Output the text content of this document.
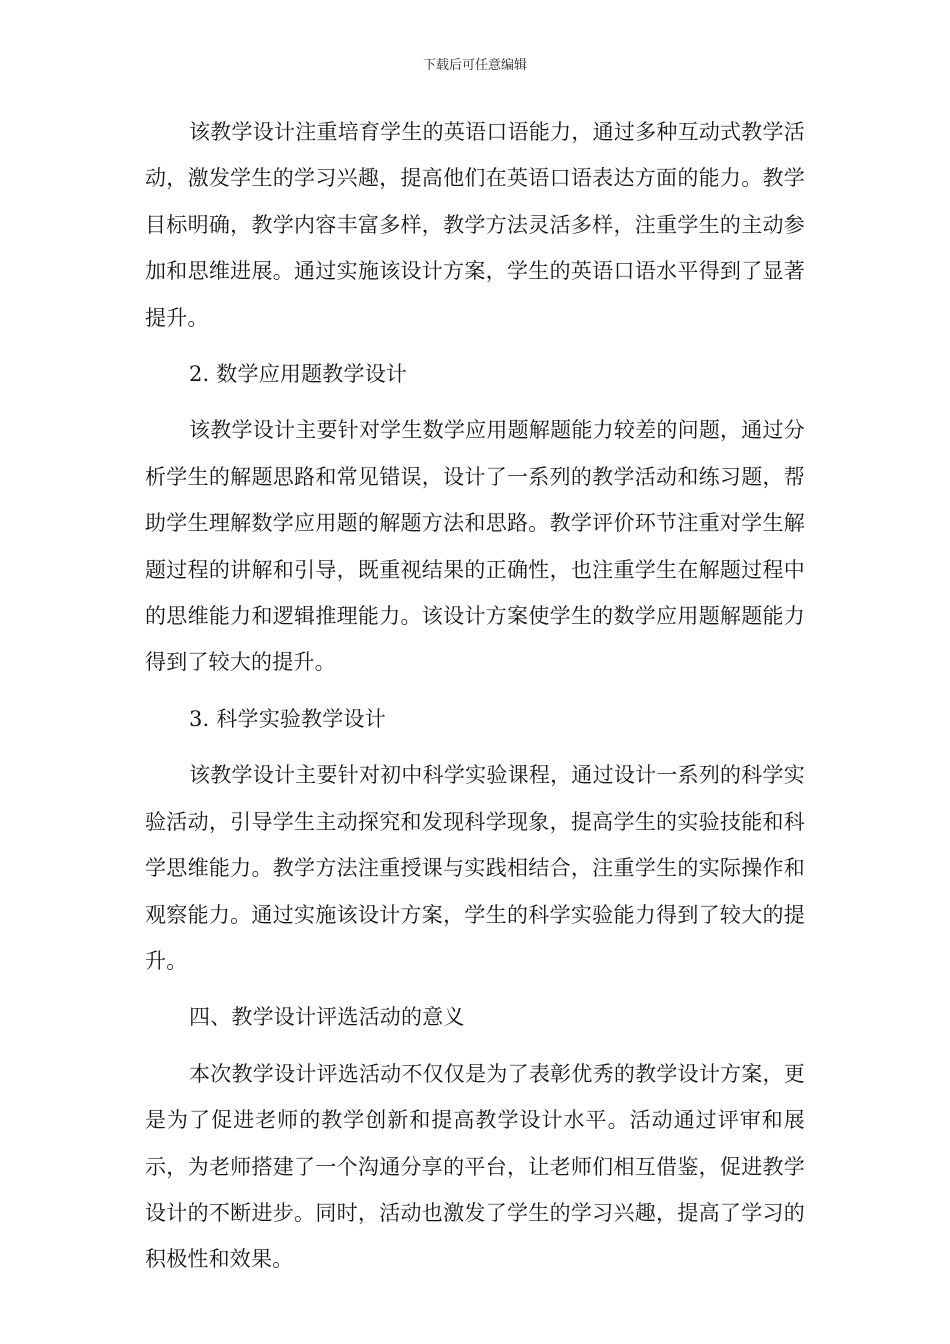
下载后可任意编辑

该教学设计注重培育学生的英语口语能力，通过多种互动式教学活动，激发学生的学习兴趣，提高他们在英语口语表达方面的能力。教学目标明确，教学内容丰富多样，教学方法灵活多样，注重学生的主动参加和思维进展。通过实施该设计方案，学生的英语口语水平得到了显著提升。

2. 数学应用题教学设计

该教学设计主要针对学生数学应用题解题能力较差的问题，通过分析学生的解题思路和常见错误，设计了一系列的教学活动和练习题，帮助学生理解数学应用题的解题方法和思路。教学评价环节注重对学生解题过程的讲解和引导，既重视结果的正确性，也注重学生在解题过程中的思维能力和逻辑推理能力。该设计方案使学生的数学应用题解题能力得到了较大的提升。

3. 科学实验教学设计

该教学设计主要针对初中科学实验课程，通过设计一系列的科学实验活动，引导学生主动探究和发现科学现象，提高学生的实验技能和科学思维能力。教学方法注重授课与实践相结合，注重学生的实际操作和观察能力。通过实施该设计方案，学生的科学实验能力得到了较大的提升。

四、教学设计评选活动的意义

本次教学设计评选活动不仅仅是为了表彰优秀的教学设计方案，更是为了促进老师的教学创新和提高教学设计水平。活动通过评审和展示，为老师搭建了一个沟通分享的平台，让老师们相互借鉴，促进教学设计的不断进步。同时，活动也激发了学生的学习兴趣，提高了学习的积极性和效果。
